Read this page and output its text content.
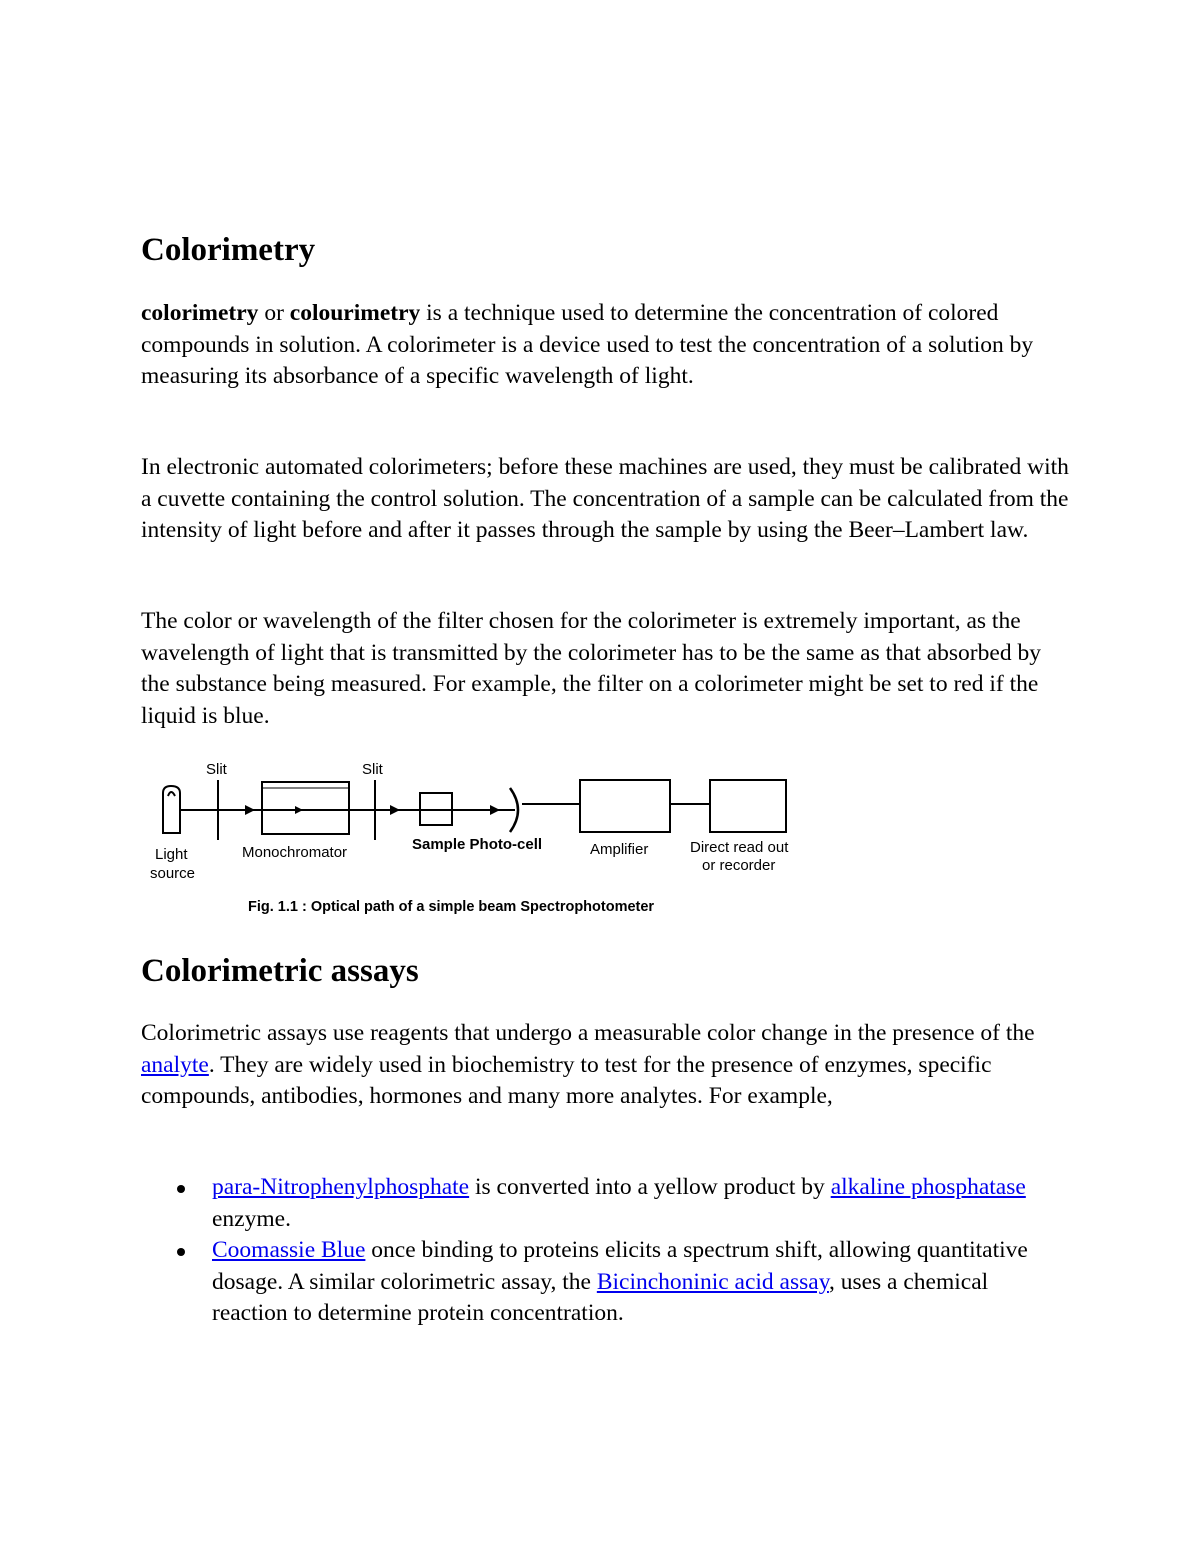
Colorimetry

colorimetry or colourimetry is a technique used to determine the concentration of colored compounds in solution. A colorimeter is a device used to test the concentration of a solution by measuring its absorbance of a specific wavelength of light.

In electronic automated colorimeters; before these machines are used, they must be calibrated with a cuvette containing the control solution. The concentration of a sample can be calculated from the intensity of light before and after it passes through the sample by using the Beer–Lambert law.

The color or wavelength of the filter chosen for the colorimeter is extremely important, as the wavelength of light that is transmitted by the colorimeter has to be the same as that absorbed by the substance being measured. For example, the filter on a colorimeter might be set to red if the liquid is blue.

Slit	Slit
Light
source
Monochromator	Sample Photo-cell	Amplifier	Direct read out
or recorder
Fig. 1.1 : Optical path of a simple beam Spectrophotometer
Colorimetric assays

Colorimetric assays use reagents that undergo a measurable color change in the presence of the analyte. They are widely used in biochemistry to test for the presence of enzymes, specific compounds, antibodies, hormones and many more analytes. For example,

para-Nitrophenylphosphate is converted into a yellow product by alkaline phosphatase enzyme.
Coomassie Blue once binding to proteins elicits a spectrum shift, allowing quantitative dosage. A similar colorimetric assay, the Bicinchoninic acid assay, uses a chemical reaction to determine protein concentration.
